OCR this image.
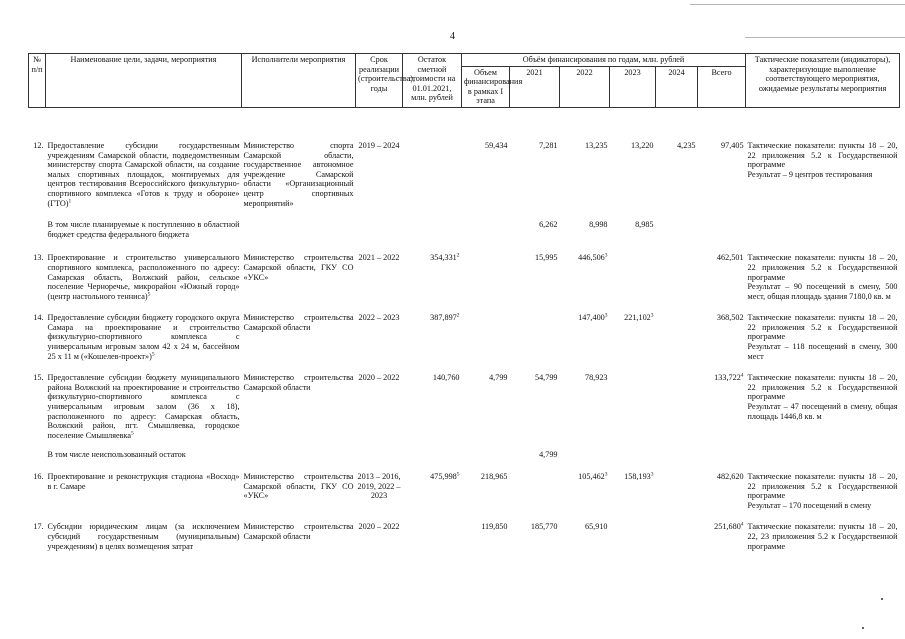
4
№ п/п	Наименование цели, задачи, мероприятия	Исполнители мероприятия	Срок реализации (строительства), годы	Остаток сметной стоимости на 01.01.2021, млн. рублей	Объём финансирования по годам, млн. рублей						Тактические показатели (индикаторы), характеризующие выполнение соответствующего мероприятия, ожидаемые результаты мероприятия
					Объем финансирования в рамках I этапа	2021	2022	2023	2024	Всего	

12.	Предоставление субсидии государственным учреждениям Самарской области, подведомственным министерству спорта Самарской области, на создание малых спортивных площадок, монтируемых для центров тестирования Всероссийского физкультурно-спортивного комплекса «Готов к труду и обороне» (ГТО)$^1$	Министерство спорта Самарской области, государственное автономное учреждение Самарской области «Организационный центр спортивных мероприятий»	2019 – 2024		59,434	7,281	13,235	13,220	4,235	97,405	Тактические показатели: пункты 18 – 20, 22 приложения 5.2 к Государственной программе
Результат – 9 центров тестирования

	В том числе планируемые к поступлению в областной бюджет средства федерального бюджета					6,262	8,998	8,985			

13.	Проектирование и строительство универсального спортивного комплекса, расположенного по адресу: Самарская область, Волжский район, сельское поселение Черноречье, микрорайон «Южный город» (центр настольного тенниса)$^5$	Министерство строительства Самарской области, ГКУ СО «УКС»	2021 – 2022	354,331$^2$		15,995	446,506$^3$			462,501	Тактические показатели: пункты 18 – 20, 22 приложения 5.2 к Государственной программе
Результат – 90 посещений в смену, 500 мест, общая площадь здания 7180,0 кв. м

14.	Предоставление субсидии бюджету городского округа Самара на проектирование и строительство физкультурно-спортивного комплекса с универсальным игровым залом 42 х 24 м, бассейном 25 х 11 м («Кошелев-проект»)$^5$	Министерство строительства Самарской области	2022 – 2023	387,897$^2$			147,400$^3$	221,102$^3$		368,502	Тактические показатели: пункты 18 – 20, 22 приложения 5.2 к Государственной программе
Результат – 118 посещений в смену, 300 мест

15.	Предоставление субсидии бюджету муниципального района Волжский на проектирование и строительство физкультурно-спортивного комплекса с универсальным игровым залом (36 х 18), расположенного по адресу: Самарская область, Волжский район, пгт. Смышляевка, городское поселение Смышляевка$^5$	Министерство строительства Самарской области	2020 – 2022	140,760	4,799	54,799	78,923			133,722$^4$	Тактические показатели: пункты 18 – 20, 22 приложения 5.2 к Государственной программе
Результат – 47 посещений в смену, общая площадь 1446,8 кв. м

	В том числе неиспользованный остаток					4,799					

16.	Проектирование и реконструкция стадиона «Восход» в г. Самаре	Министерство строительства Самарской области, ГКУ СО «УКС»	2013 – 2016, 2019, 2022 – 2023	475,998$^5$	218,965		105,462$^3$	158,193$^3$		482,620	Тактические показатели: пункты 18 – 20, 22 приложения 5.2 к Государственной программе
Результат – 170 посещений в смену

17.	Субсидии юридическим лицам (за исключением субсидий государственным (муниципальным) учреждениям) в целях возмещения затрат	Министерство строительства Самарской области	2020 – 2022		119,850	185,770	65,910			251,680$^4$	Тактические показатели: пункты 18 – 20, 22, 23 приложения 5.2 к Государственной программе
